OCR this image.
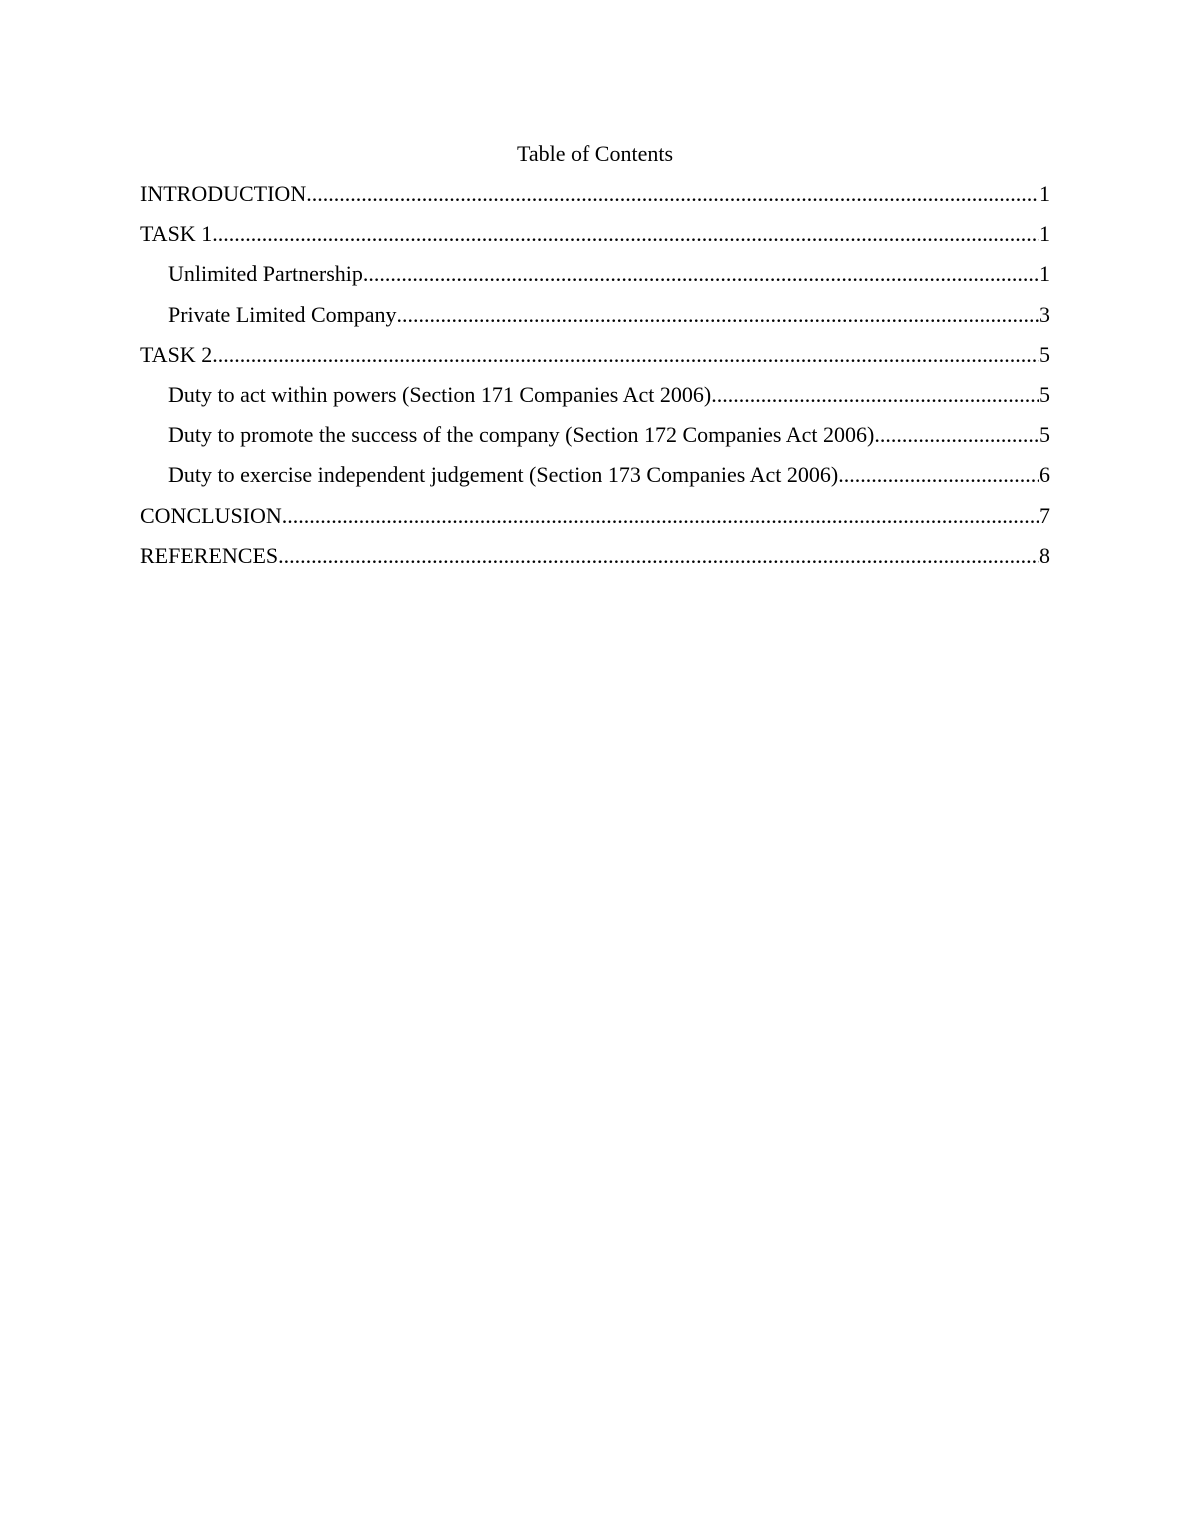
Table of Contents
INTRODUCTION .....	1
TASK 1 .....	1
Unlimited Partnership .....	1
Private Limited Company .....	3
TASK 2 .....	5
Duty to act within powers (Section 171 Companies Act 2006) .....	5
Duty to promote the success of the company (Section 172 Companies Act 2006) .....	5
Duty to exercise independent judgement (Section 173 Companies Act 2006) .....	6
CONCLUSION .....	7
REFERENCES .....	8
